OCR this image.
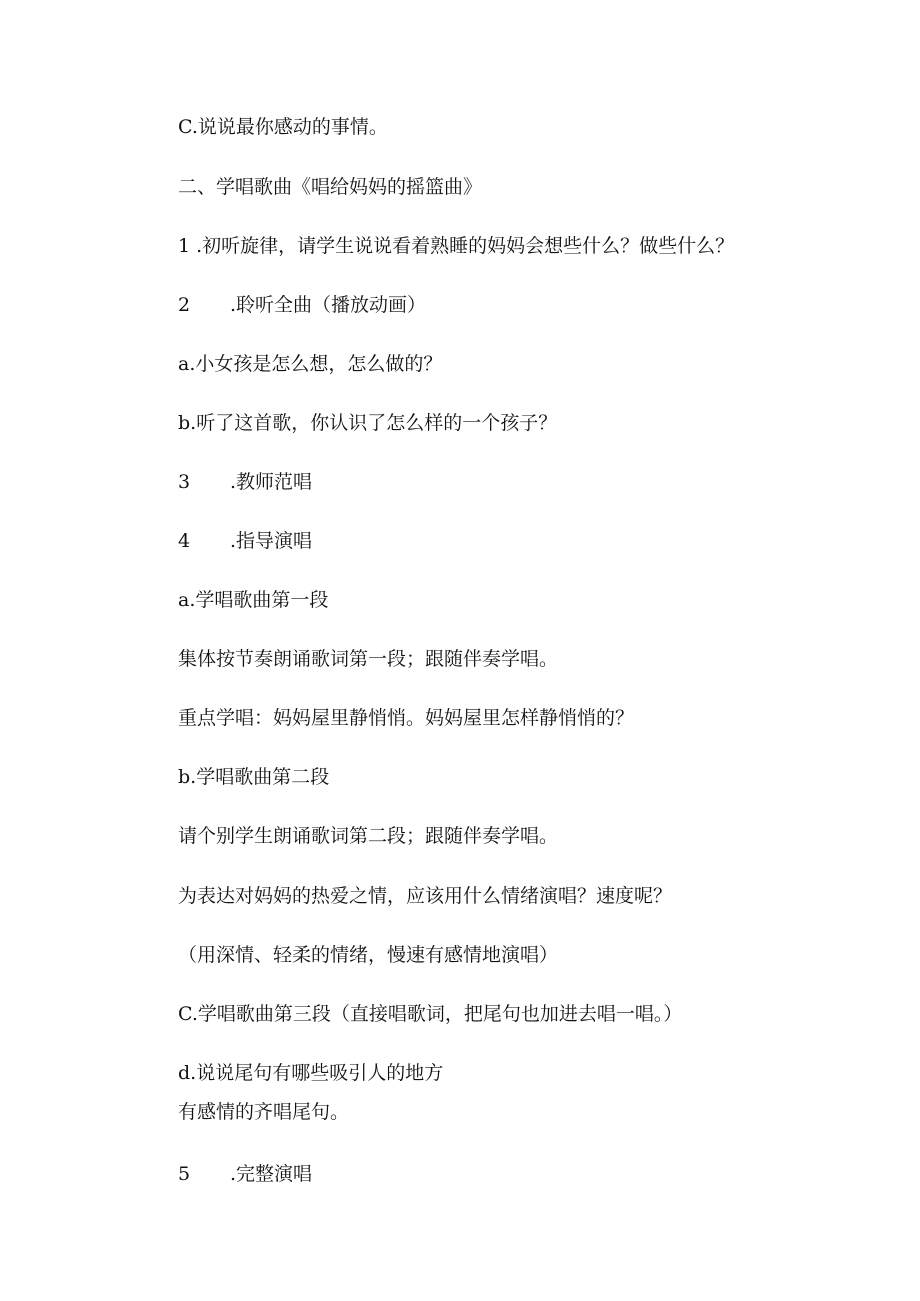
C.说说最你感动的事情。

二、学唱歌曲《唱给妈妈的摇篮曲》

1 .初听旋律，请学生说说看着熟睡的妈妈会想些什么？做些什么？

2 .聆听全曲（播放动画）

a.小女孩是怎么想，怎么做的？

b.听了这首歌，你认识了怎么样的一个孩子？

3 .教师范唱

4 .指导演唱

a.学唱歌曲第一段

集体按节奏朗诵歌词第一段；跟随伴奏学唱。

重点学唱：妈妈屋里静悄悄。妈妈屋里怎样静悄悄的？

b.学唱歌曲第二段

请个别学生朗诵歌词第二段；跟随伴奏学唱。

为表达对妈妈的热爱之情，应该用什么情绪演唱？速度呢？

（用深情、轻柔的情绪，慢速有感情地演唱）

C.学唱歌曲第三段（直接唱歌词，把尾句也加进去唱一唱。）

d.说说尾句有哪些吸引人的地方

有感情的齐唱尾句。

5 .完整演唱
